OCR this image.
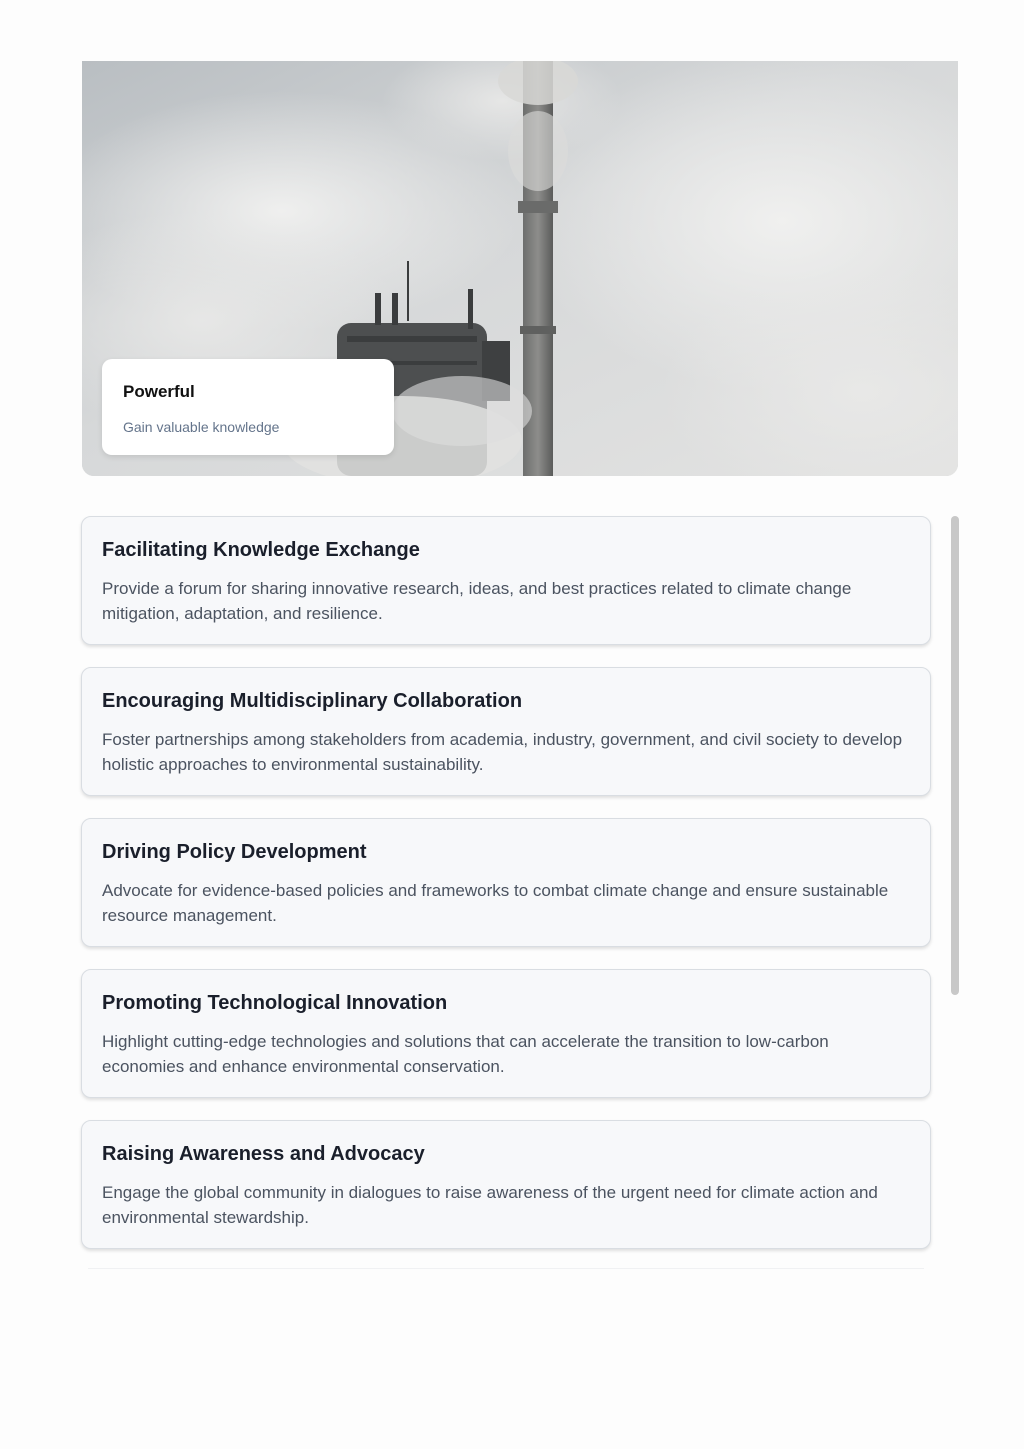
Powerful
Gain valuable knowledge
Facilitating Knowledge Exchange
Provide a forum for sharing innovative research, ideas, and best practices related to climate change mitigation, adaptation, and resilience.
Encouraging Multidisciplinary Collaboration
Foster partnerships among stakeholders from academia, industry, government, and civil society to develop holistic approaches to environmental sustainability.
Driving Policy Development
Advocate for evidence-based policies and frameworks to combat climate change and ensure sustainable resource management.
Promoting Technological Innovation
Highlight cutting-edge technologies and solutions that can accelerate the transition to low-carbon economies and enhance environmental conservation.
Raising Awareness and Advocacy
Engage the global community in dialogues to raise awareness of the urgent need for climate action and environmental stewardship.
